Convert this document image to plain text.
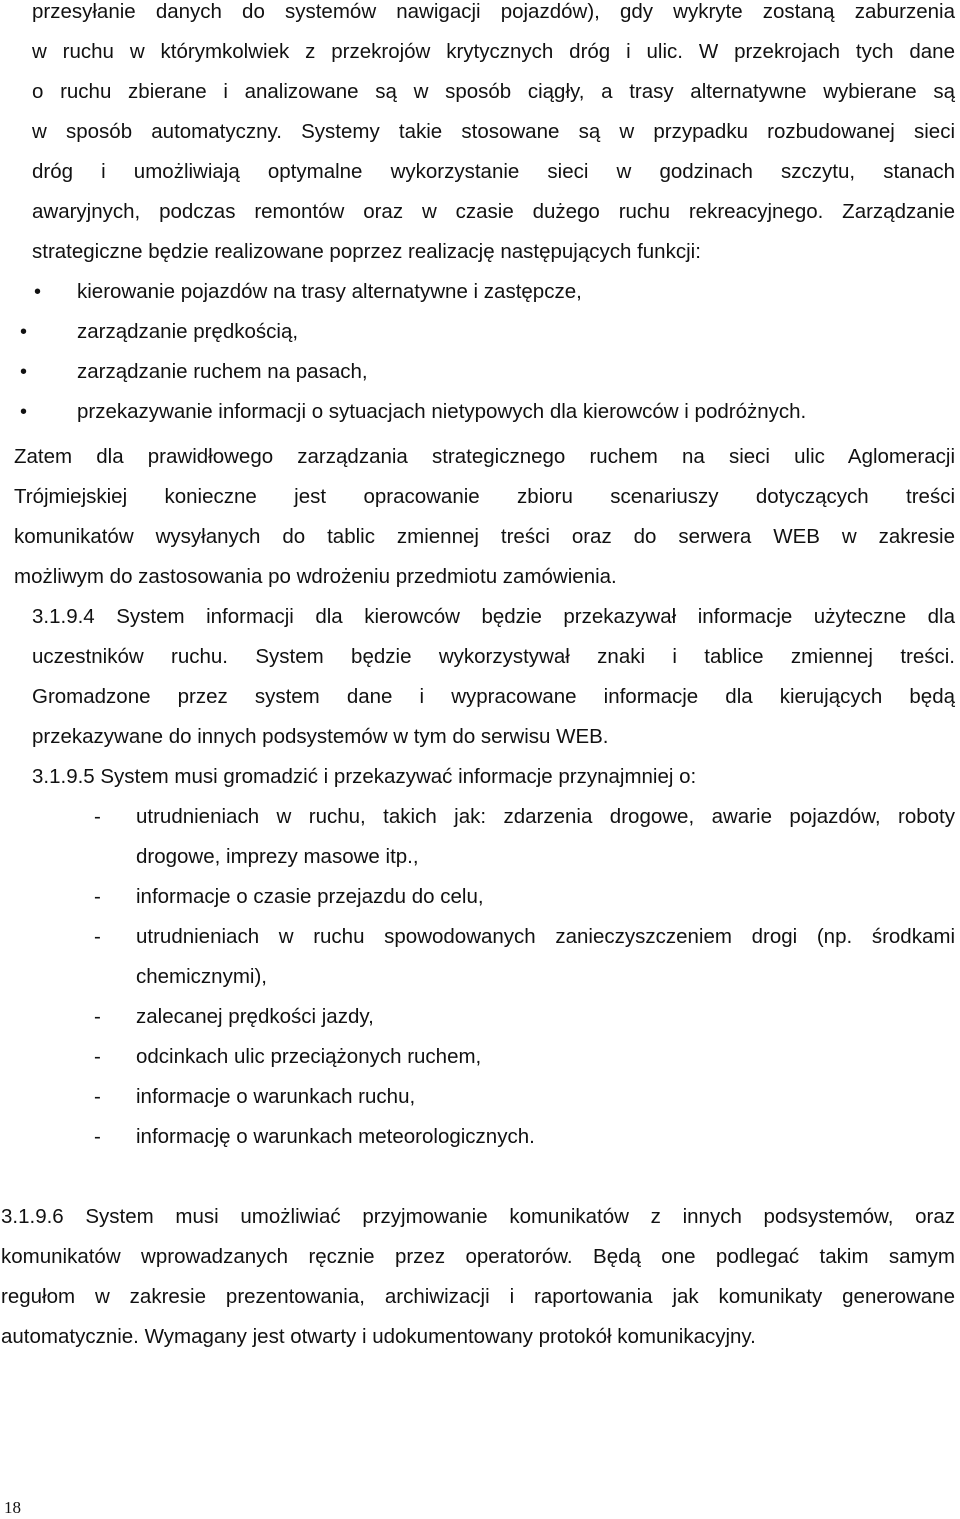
przesyłanie danych do systemów nawigacji pojazdów), gdy wykryte zostaną zaburzenia
w ruchu w którymkolwiek z przekrojów krytycznych dróg i ulic. W przekrojach tych dane
o ruchu zbierane i analizowane są w sposób ciągły, a trasy alternatywne wybierane są
w sposób automatyczny. Systemy takie stosowane są w przypadku rozbudowanej sieci
dróg i umożliwiają optymalne wykorzystanie sieci w godzinach szczytu, stanach
awaryjnych, podczas remontów oraz w czasie dużego ruchu rekreacyjnego. Zarządzanie
strategiczne będzie realizowane poprzez realizację następujących funkcji:
• kierowanie pojazdów na trasy alternatywne i zastępcze,
• zarządzanie prędkością,
• zarządzanie ruchem na pasach,
• przekazywanie informacji o sytuacjach nietypowych dla kierowców i podróżnych.
Zatem dla prawidłowego zarządzania strategicznego ruchem na sieci ulic Aglomeracji
Trójmiejskiej konieczne jest opracowanie zbioru scenariuszy dotyczących treści
komunikatów wysyłanych do tablic zmiennej treści oraz do serwera WEB w zakresie
możliwym do zastosowania po wdrożeniu przedmiotu zamówienia.
3.1.9.4 System informacji dla kierowców będzie przekazywał informacje użyteczne dla
uczestników ruchu. System będzie wykorzystywał znaki i tablice zmiennej treści.
Gromadzone przez system dane i wypracowane informacje dla kierujących będą
przekazywane do innych podsystemów w tym do serwisu WEB.
3.1.9.5 System musi gromadzić i przekazywać informacje przynajmniej o:
- utrudnieniach w ruchu, takich jak: zdarzenia drogowe, awarie pojazdów, roboty
drogowe, imprezy masowe itp.,
- informacje o czasie przejazdu do celu,
- utrudnieniach w ruchu spowodowanych zanieczyszczeniem drogi (np. środkami
chemicznymi),
- zalecanej prędkości jazdy,
- odcinkach ulic przeciążonych ruchem,
- informacje o warunkach ruchu,
- informację o warunkach meteorologicznych.
3.1.9.6 System musi umożliwiać przyjmowanie komunikatów z innych podsystemów, oraz
komunikatów wprowadzanych ręcznie przez operatorów. Będą one podlegać takim samym
regułom w zakresie prezentowania, archiwizacji i raportowania jak komunikaty generowane
automatycznie. Wymagany jest otwarty i udokumentowany protokół komunikacyjny.
18
